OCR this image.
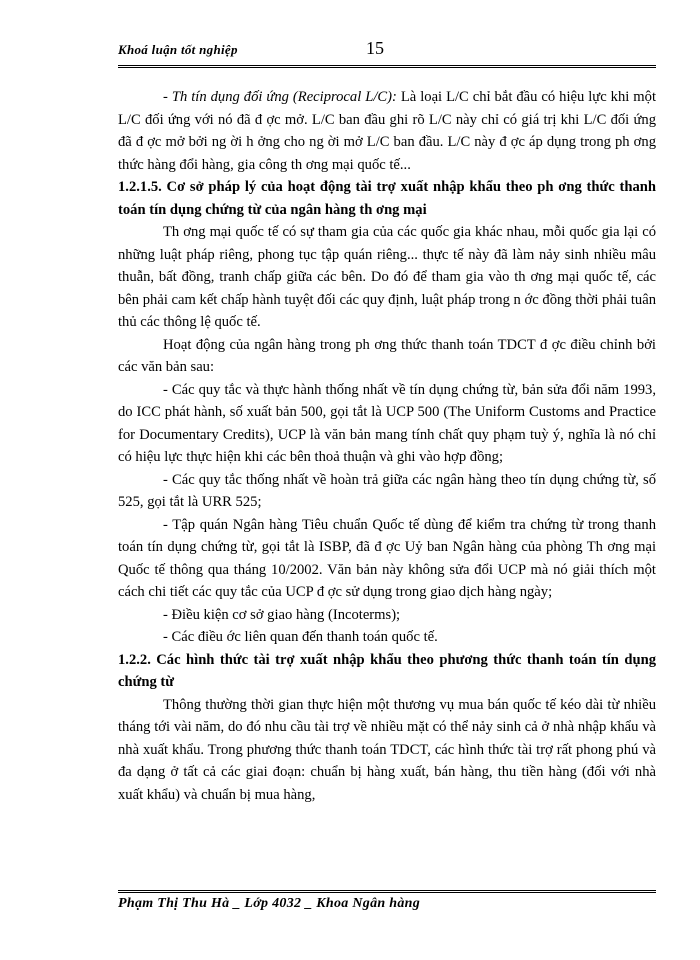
Khoá luận tốt nghiệp	15

- Th tín dụng đối ứng (Reciprocal L/C): Là loại L/C chỉ bắt đầu có hiệu lực khi một L/C đối ứng với nó đã đ ợc mở. L/C ban đầu ghi rõ L/C này chỉ có giá trị khi L/C đối ứng đã đ ợc mở bởi ng ời h ởng cho ng ời mở L/C ban đầu. L/C này đ ợc áp dụng trong ph ơng thức hàng đổi hàng, gia công th ơng mại quốc tế...

1.2.1.5. Cơ sở pháp lý của hoạt động tài trợ xuất nhập khẩu theo ph ơng thức thanh toán tín dụng chứng từ của ngân hàng th ơng mại

Th ơng mại quốc tế có sự tham gia của các quốc gia khác nhau, mỗi quốc gia lại có những luật pháp riêng, phong tục tập quán riêng... thực tế này đã làm nảy sinh nhiều mâu thuẫn, bất đồng, tranh chấp giữa các bên. Do đó để tham gia vào th ơng mại quốc tế, các bên phải cam kết chấp hành tuyệt đối các quy định, luật pháp trong n ớc đồng thời phải tuân thủ các thông lệ quốc tế.

Hoạt động của ngân hàng trong ph ơng thức thanh toán TDCT đ ợc điều chỉnh bởi các văn bản sau:

- Các quy tắc và thực hành thống nhất về tín dụng chứng từ, bản sửa đổi năm 1993, do ICC phát hành, số xuất bản 500, gọi tắt là UCP 500 (The Uniform Customs and Practice for Documentary Credits), UCP là văn bản mang tính chất quy phạm tuỳ ý, nghĩa là nó chỉ có hiệu lực thực hiện khi các bên thoả thuận và ghi vào hợp đồng;

- Các quy tắc thống nhất về hoàn trả giữa các ngân hàng theo tín dụng chứng từ, số 525, gọi tắt là URR 525;

- Tập quán Ngân hàng Tiêu chuẩn Quốc tế dùng để kiểm tra chứng từ trong thanh toán tín dụng chứng từ, gọi tắt là ISBP, đã đ ợc Uỷ ban Ngân hàng của phòng Th ơng mại Quốc tế thông qua tháng 10/2002. Văn bản này không sửa đổi UCP mà nó giải thích một cách chi tiết các quy tắc của UCP đ ợc sử dụng trong giao dịch hàng ngày;

- Điều kiện cơ sở giao hàng (Incoterms);

- Các điều ớc liên quan đến thanh toán quốc tế.

1.2.2. Các hình thức tài trợ xuất nhập khẩu theo phương thức thanh toán tín dụng chứng từ

Thông thường thời gian thực hiện một thương vụ mua bán quốc tế kéo dài từ nhiều tháng tới vài năm, do đó nhu cầu tài trợ về nhiều mặt có thể nảy sinh cả ở nhà nhập khẩu và nhà xuất khẩu. Trong phương thức thanh toán TDCT, các hình thức tài trợ rất phong phú và đa dạng ở tất cả các giai đoạn: chuẩn bị hàng xuất, bán hàng, thu tiền hàng (đối với nhà xuất khẩu) và chuẩn bị mua hàng,

Phạm Thị Thu Hà _ Lớp 4032 _ Khoa Ngân hàng
